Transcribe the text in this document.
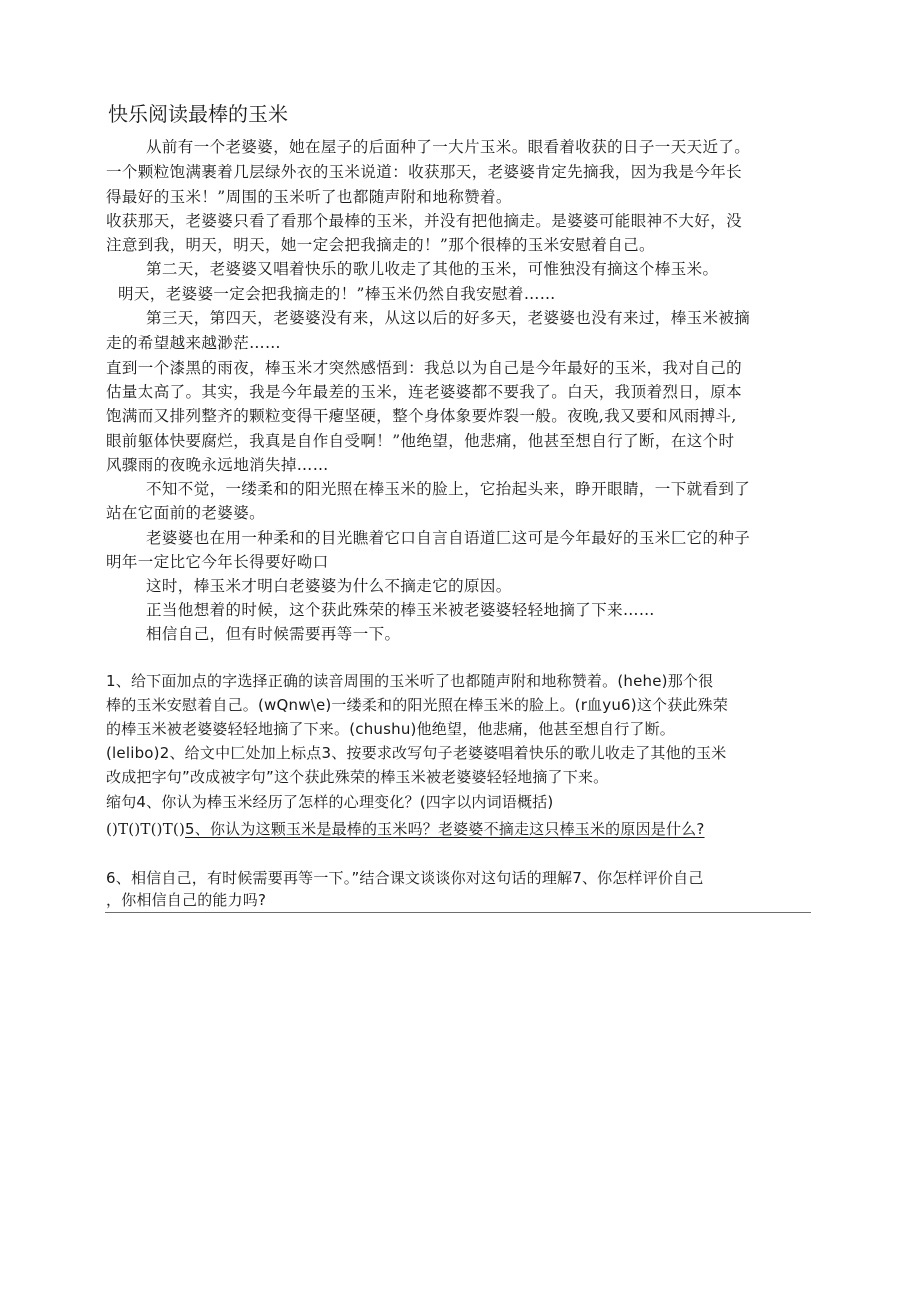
快乐阅读最棒的玉米
从前有一个老婆婆，她在屋子的后面种了一大片玉米。眼看着收获的日子一天天近了。
一个颗粒饱满裹着几层绿外衣的玉米说道：收获那天，老婆婆肯定先摘我，因为我是今年长
得最好的玉米！”周围的玉米听了也都随声附和地称赞着。
收获那天，老婆婆只看了看那个最棒的玉米，并没有把他摘走。是婆婆可能眼神不大好，没
注意到我，明天，明天，她一定会把我摘走的！”那个很棒的玉米安慰着自己。
第二天，老婆婆又唱着快乐的歌儿收走了其他的玉米，可惟独没有摘这个棒玉米。
明天，老婆婆一定会把我摘走的！”棒玉米仍然自我安慰着……
第三天，第四天，老婆婆没有来，从这以后的好多天，老婆婆也没有来过，棒玉米被摘
走的希望越来越渺茫……
直到一个漆黑的雨夜，棒玉米才突然感悟到：我总以为自己是今年最好的玉米，我对自己的
估量太高了。其实，我是今年最差的玉米，连老婆婆都不要我了。白天，我顶着烈日，原本
饱满而又排列整齐的颗粒变得干瘪坚硬，整个身体象要炸裂一般。夜晚,我又要和风雨搏斗,
眼前躯体快要腐烂，我真是自作自受啊！”他绝望，他悲痛，他甚至想自行了断，在这个时
风骤雨的夜晚永远地消失掉……
不知不觉，一缕柔和的阳光照在棒玉米的脸上，它抬起头来，睁开眼睛，一下就看到了
站在它面前的老婆婆。
老婆婆也在用一种柔和的目光瞧着它口自言自语道匚这可是今年最好的玉米匚它的种子
明年一定比它今年长得要好呦口
这时，棒玉米才明白老婆婆为什么不摘走它的原因。
正当他想着的时候，这个获此殊荣的棒玉米被老婆婆轻轻地摘了下来……
相信自己，但有时候需要再等一下。
1、给下面加点的字选择正确的读音周围的玉米听了也都随声附和地称赞着。(hehe)那个很
棒的玉米安慰着自己。(wQnw\e)一缕柔和的阳光照在棒玉米的脸上。(r血yu6)这个获此殊荣
的棒玉米被老婆婆轻轻地摘了下来。(chushu)他绝望，他悲痛，他甚至想自行了断。
(lelibo)2、给文中匚处加上标点3、按要求改写句子老婆婆唱着快乐的歌儿收走了其他的玉米
改成把字句”改成被字句”这个获此殊荣的棒玉米被老婆婆轻轻地摘了下来。
缩句4、你认为棒玉米经历了怎样的心理变化？(四字以内词语概括)
()T()T()T()5、你认为这颗玉米是最棒的玉米吗？老婆婆不摘走这只棒玉米的原因是什么?
6、相信自己，有时候需要再等一下。”结合课文谈谈你对这句话的理解7、你怎样评价自己
，你相信自己的能力吗?
